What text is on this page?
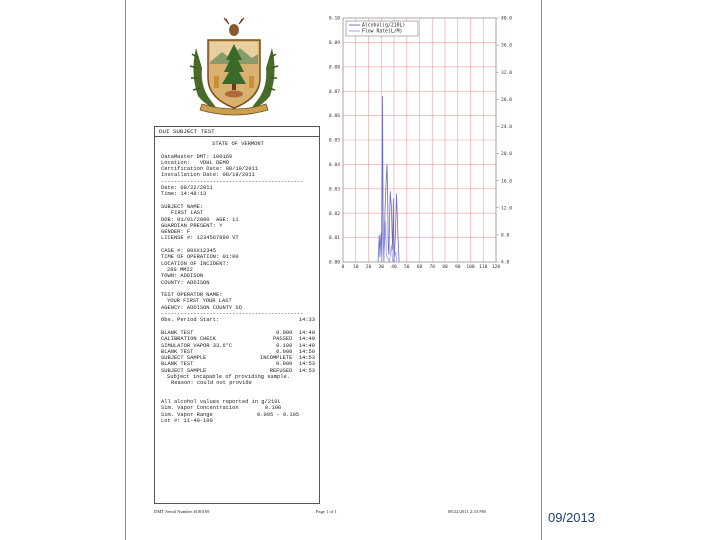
DUI SUBJECT TEST
STATE OF VERMONT
DataMaster DMT: 100169
Location:   VDHL DEMO
Certification Date: 08/10/2011
Installation Date: 08/19/2011
--------------------------------------------
Date: 08/22/2011
Time: 14:48:13
SUBJECT NAME:
FIRST LAST
DOB: 01/01/2000  AGE: 11
GUARDIAN PRESENT: Y
GENDER: F
LICENSE #: 1234567890 VT
CASE #: 00XX12345
TIME OF OPERATION: 01:00
LOCATION OF INCIDENT:
289 MM22
TOWN: ADDISON
COUNTY: ADDISON
TEST OPERATOR NAME:
YOUR FIRST YOUR LAST
AGENCY: ADDISON COUNTY SO
--------------------------------------------
Obs. Period Start:	14:33
BLANK TEST	0.000  14:49
CALIBRATION CHECK	PASSED  14:49
SIMULATOR VAPOR 33.6°C	0.100  14:49
BLANK TEST	0.000  14:50
SUBJECT SAMPLE	INCOMPLETE  14:53
BLANK TEST	0.000  14:53
SUBJECT SAMPLE	REFUSED  14:53
Subject incapable of providing sample.
Reason: could not provide
All alcohol values reported in g/210L
Sim. Vapor Concentration	0.100
Sim. Vapor Range	0.095 - 0.105
Lot #: 11-40-100
0 10 20 30 40 50 60 70 80 90 100 110 120
0.00
0.01
0.02
0.03
0.04
0.05
0.06
0.07
0.08
0.09
0.10
4.0
8.0
12.0
16.0
20.0
24.0
28.0
32.0
36.0
40.0
Alcohol(g/210L)
Flow Rate(L/M)
DMT Serial Number #100169	Page 1 of 1	08/22/2011 2:33 PM	09/2013
